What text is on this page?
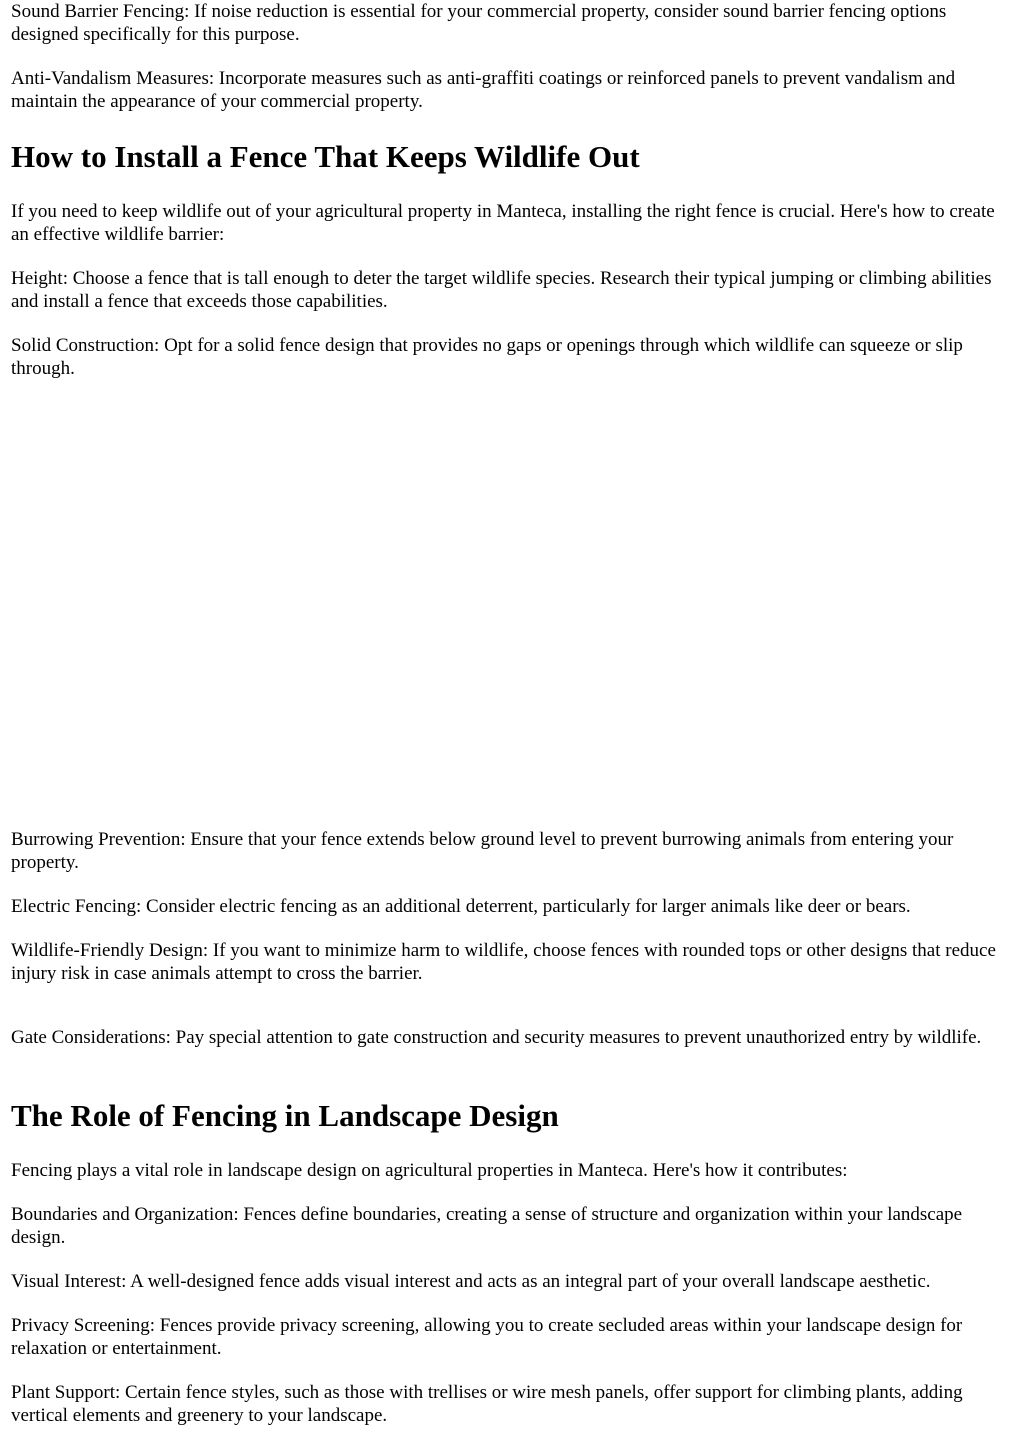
Sound Barrier Fencing: If noise reduction is essential for your commercial property, consider sound barrier fencing options designed specifically for this purpose.

Anti-Vandalism Measures: Incorporate measures such as anti-graffiti coatings or reinforced panels to prevent vandalism and maintain the appearance of your commercial property.

How to Install a Fence That Keeps Wildlife Out

If you need to keep wildlife out of your agricultural property in Manteca, installing the right fence is crucial. Here's how to create an effective wildlife barrier:

Height: Choose a fence that is tall enough to deter the target wildlife species. Research their typical jumping or climbing abilities and install a fence that exceeds those capabilities.

Solid Construction: Opt for a solid fence design that provides no gaps or openings through which wildlife can squeeze or slip through.

Burrowing Prevention: Ensure that your fence extends below ground level to prevent burrowing animals from entering your property.

Electric Fencing: Consider electric fencing as an additional deterrent, particularly for larger animals like deer or bears.

Wildlife-Friendly Design: If you want to minimize harm to wildlife, choose fences with rounded tops or other designs that reduce injury risk in case animals attempt to cross the barrier.

Gate Considerations: Pay special attention to gate construction and security measures to prevent unauthorized entry by wildlife.

The Role of Fencing in Landscape Design

Fencing plays a vital role in landscape design on agricultural properties in Manteca. Here's how it contributes:

Boundaries and Organization: Fences define boundaries, creating a sense of structure and organization within your landscape design.

Visual Interest: A well-designed fence adds visual interest and acts as an integral part of your overall landscape aesthetic.

Privacy Screening: Fences provide privacy screening, allowing you to create secluded areas within your landscape design for relaxation or entertainment.

Plant Support: Certain fence styles, such as those with trellises or wire mesh panels, offer support for climbing plants, adding vertical elements and greenery to your landscape.
